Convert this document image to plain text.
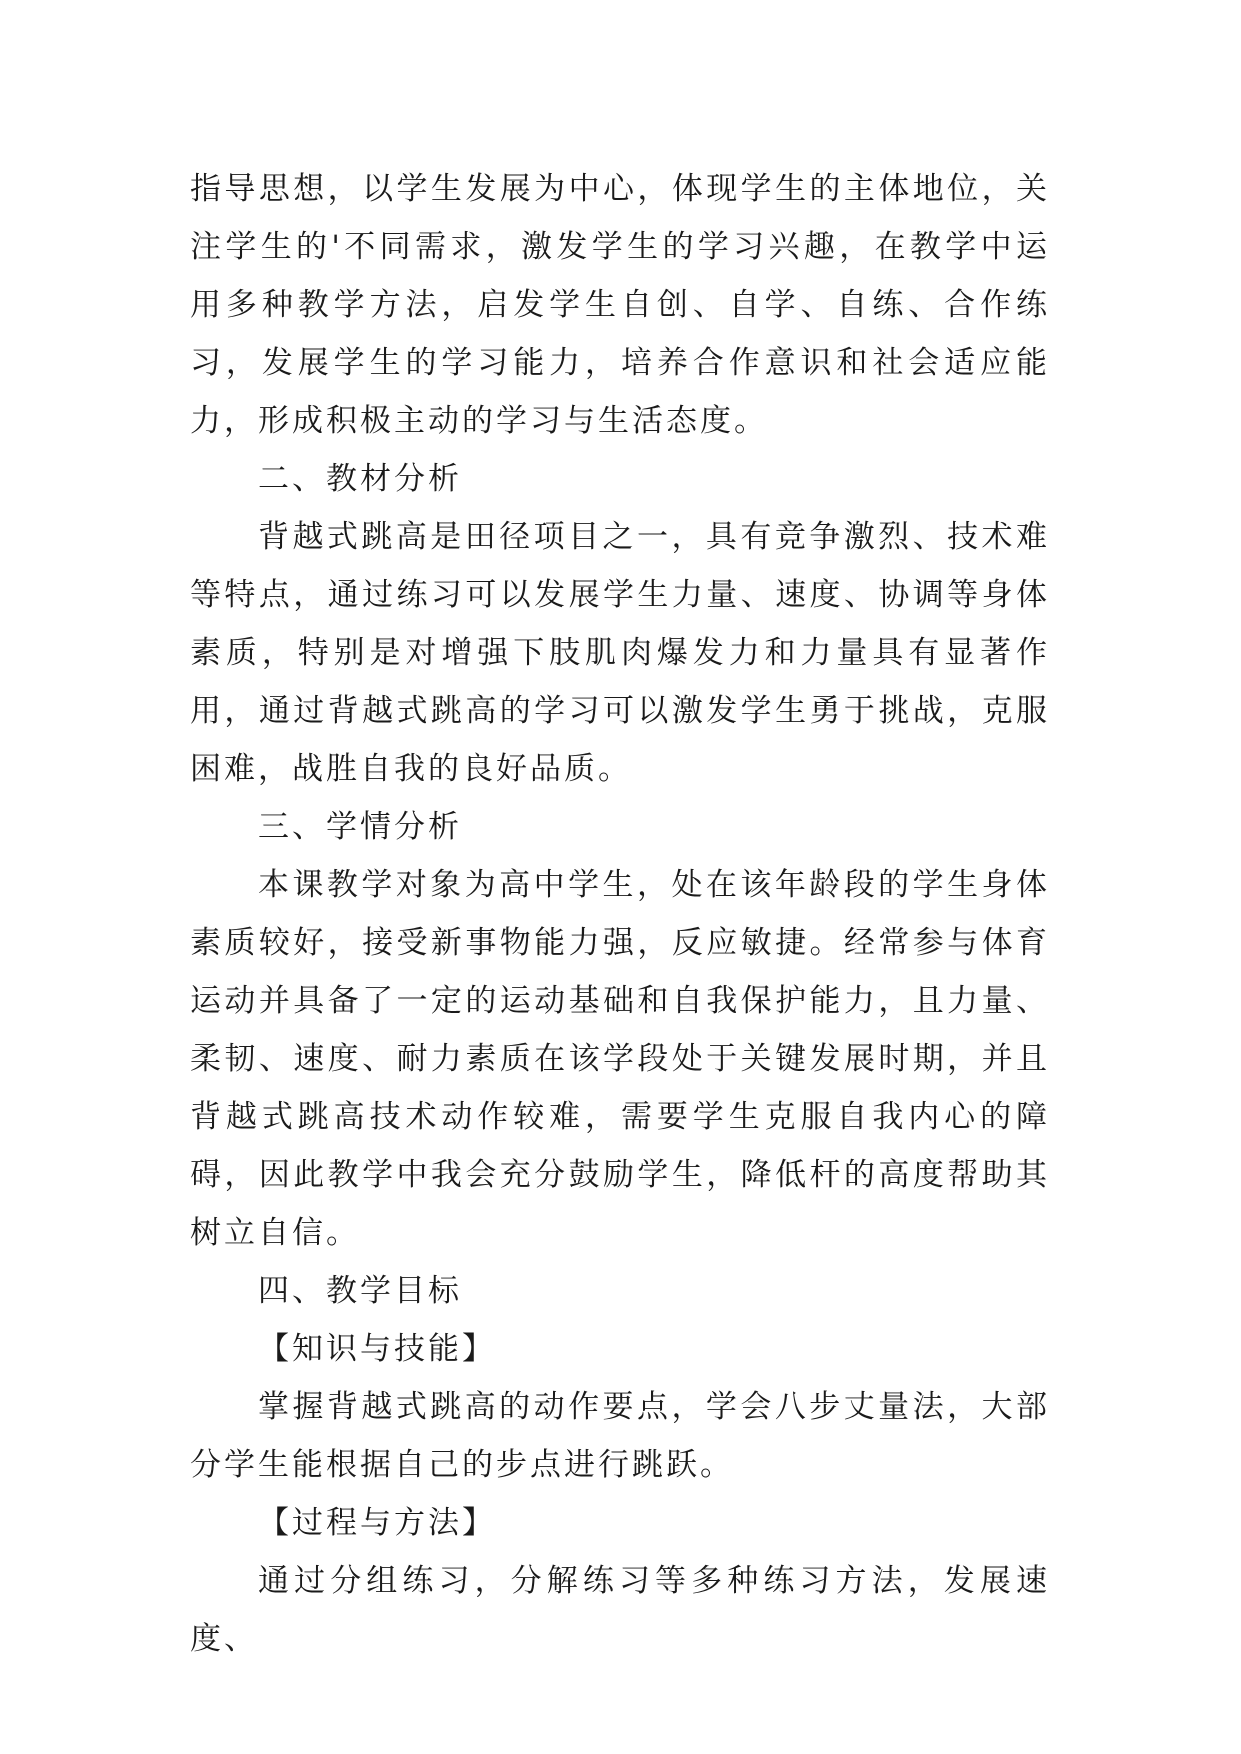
指导思想，以学生发展为中心，体现学生的主体地位，关注学生的'不同需求，激发学生的学习兴趣，在教学中运用多种教学方法，启发学生自创、自学、自练、合作练习，发展学生的学习能力，培养合作意识和社会适应能力，形成积极主动的学习与生活态度。

二、教材分析

背越式跳高是田径项目之一，具有竞争激烈、技术难等特点，通过练习可以发展学生力量、速度、协调等身体素质，特别是对增强下肢肌肉爆发力和力量具有显著作用，通过背越式跳高的学习可以激发学生勇于挑战，克服困难，战胜自我的良好品质。

三、学情分析

本课教学对象为高中学生，处在该年龄段的学生身体素质较好，接受新事物能力强，反应敏捷。经常参与体育运动并具备了一定的运动基础和自我保护能力，且力量、柔韧、速度、耐力素质在该学段处于关键发展时期，并且背越式跳高技术动作较难，需要学生克服自我内心的障碍，因此教学中我会充分鼓励学生，降低杆的高度帮助其树立自信。

四、教学目标

【知识与技能】

掌握背越式跳高的动作要点，学会八步丈量法，大部分学生能根据自己的步点进行跳跃。

【过程与方法】

通过分组练习，分解练习等多种练习方法，发展速度、
